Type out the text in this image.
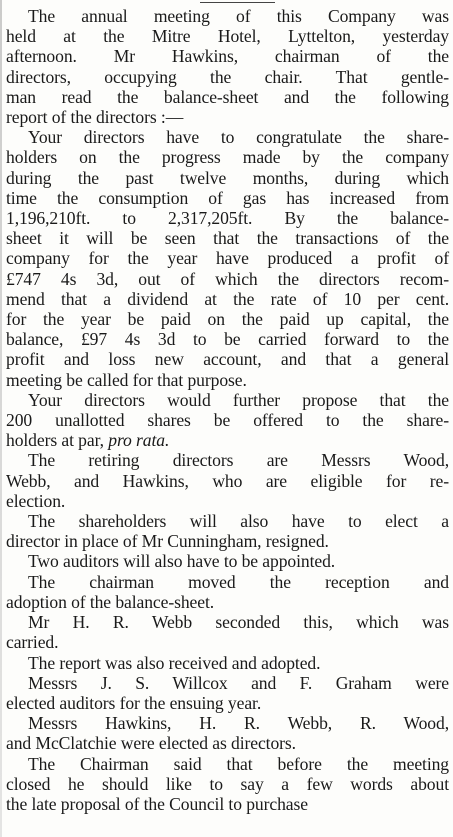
The annual meeting of this Company was
held at the Mitre Hotel, Lyttelton, yesterday
afternoon. Mr Hawkins, chairman of the
directors, occupying the chair. That gentle-
man read the balance-sheet and the following
report of the directors :—
Your directors have to congratulate the share-
holders on the progress made by the company
during the past twelve months, during which
time the consumption of gas has increased from
1,196,210ft. to 2,317,205ft. By the balance-
sheet it will be seen that the transactions of the
company for the year have produced a profit of
£747 4s 3d, out of which the directors recom-
mend that a dividend at the rate of 10 per cent.
for the year be paid on the paid up capital, the
balance, £97 4s 3d to be carried forward to the
profit and loss new account, and that a general
meeting be called for that purpose.
Your directors would further propose that the
200 unallotted shares be offered to the share-
holders at par, pro rata.
The retiring directors are Messrs Wood,
Webb, and Hawkins, who are eligible for re-
election.
The shareholders will also have to elect a
director in place of Mr Cunningham, resigned.
Two auditors will also have to be appointed.
The chairman moved the reception and
adoption of the balance-sheet.
Mr H. R. Webb seconded this, which was
carried.
The report was also received and adopted.
Messrs J. S. Willcox and F. Graham were
elected auditors for the ensuing year.
Messrs Hawkins, H. R. Webb, R. Wood,
and McClatchie were elected as directors.
The Chairman said that before the meeting
closed he should like to say a few words about
the late proposal of the Council to purchase
